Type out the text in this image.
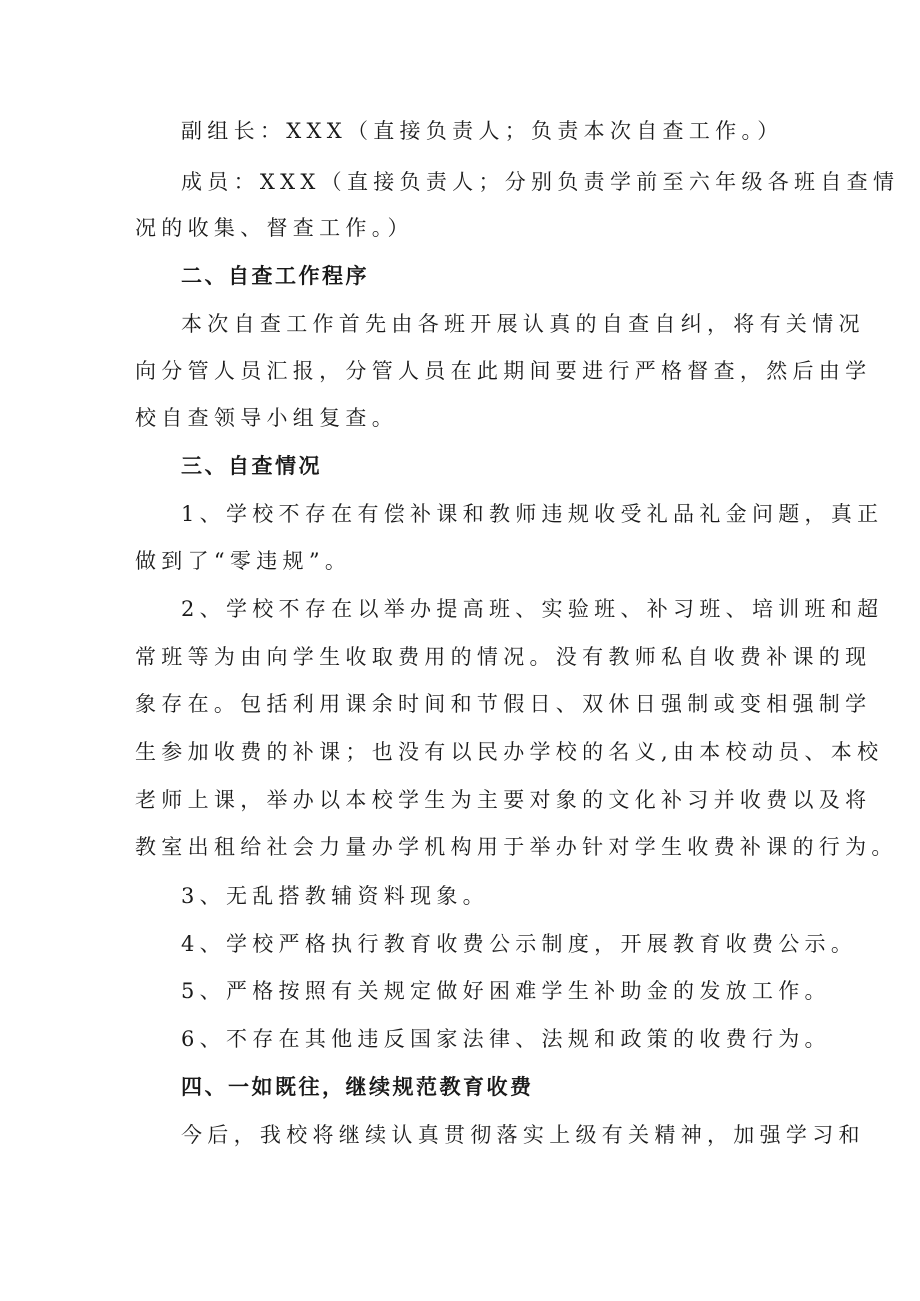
副组长：XXX（直接负责人；负责本次自查工作。）
成员：XXX（直接负责人；分别负责学前至六年级各班自查情
况的收集、督查工作。）
二、自查工作程序
本次自查工作首先由各班开展认真的自查自纠，将有关情况
向分管人员汇报，分管人员在此期间要进行严格督查，然后由学
校自查领导小组复查。
三、自查情况
1、学校不存在有偿补课和教师违规收受礼品礼金问题，真正
做到了“零违规”。
2、学校不存在以举办提高班、实验班、补习班、培训班和超
常班等为由向学生收取费用的情况。没有教师私自收费补课的现
象存在。包括利用课余时间和节假日、双休日强制或变相强制学
生参加收费的补课；也没有以民办学校的名义,由本校动员、本校
老师上课，举办以本校学生为主要对象的文化补习并收费以及将
教室出租给社会力量办学机构用于举办针对学生收费补课的行为。
3、无乱搭教辅资料现象。
4、学校严格执行教育收费公示制度，开展教育收费公示。
5、严格按照有关规定做好困难学生补助金的发放工作。
6、不存在其他违反国家法律、法规和政策的收费行为。
四、一如既往，继续规范教育收费
今后，我校将继续认真贯彻落实上级有关精神，加强学习和
